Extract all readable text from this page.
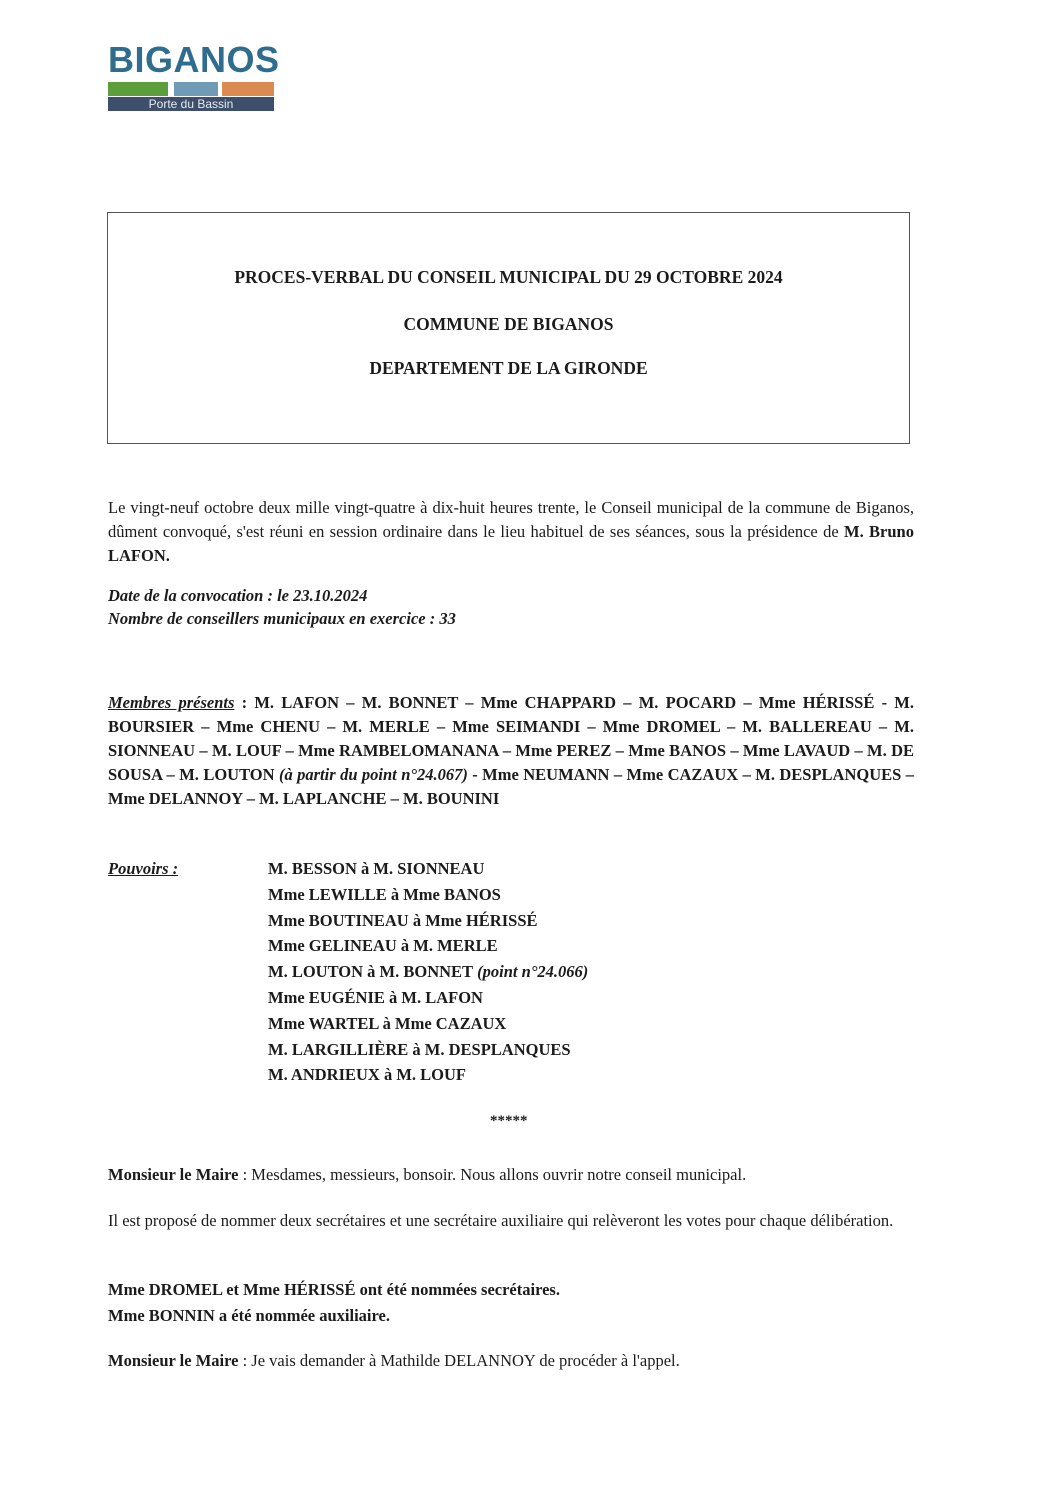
BIGANOS
Porte du Bassin
PROCES-VERBAL DU CONSEIL MUNICIPAL DU 29 OCTOBRE 2024
COMMUNE DE BIGANOS
DEPARTEMENT DE LA GIRONDE
Le vingt-neuf octobre deux mille vingt-quatre à dix-huit heures trente, le Conseil municipal de la commune de Biganos, dûment convoqué, s'est réuni en session ordinaire dans le lieu habituel de ses séances, sous la présidence de M. Bruno LAFON.
Date de la convocation : le 23.10.2024
Nombre de conseillers municipaux en exercice : 33
Membres présents : M. LAFON – M. BONNET – Mme CHAPPARD – M. POCARD – Mme HÉRISSÉ - M. BOURSIER – Mme CHENU – M. MERLE – Mme SEIMANDI – Mme DROMEL – M. BALLEREAU – M. SIONNEAU – M. LOUF – Mme RAMBELOMANANA – Mme PEREZ – Mme BANOS – Mme LAVAUD – M. DE SOUSA – M. LOUTON (à partir du point n°24.067) - Mme NEUMANN – Mme CAZAUX – M. DESPLANQUES – Mme DELANNOY – M. LAPLANCHE – M. BOUNINI
Pouvoirs :	M. BESSON à M. SIONNEAU
Mme LEWILLE à Mme BANOS
Mme BOUTINEAU à Mme HÉRISSÉ
Mme GELINEAU à M. MERLE
M. LOUTON à M. BONNET (point n°24.066)
Mme EUGÉNIE à M. LAFON
Mme WARTEL à Mme CAZAUX
M. LARGILLIÈRE à M. DESPLANQUES
M. ANDRIEUX à M. LOUF
*****
Monsieur le Maire : Mesdames, messieurs, bonsoir. Nous allons ouvrir notre conseil municipal.
Il est proposé de nommer deux secrétaires et une secrétaire auxiliaire qui relèveront les votes pour chaque délibération.
Mme DROMEL et Mme HÉRISSÉ ont été nommées secrétaires.
Mme BONNIN a été nommée auxiliaire.
Monsieur le Maire : Je vais demander à Mathilde DELANNOY de procéder à l'appel.
